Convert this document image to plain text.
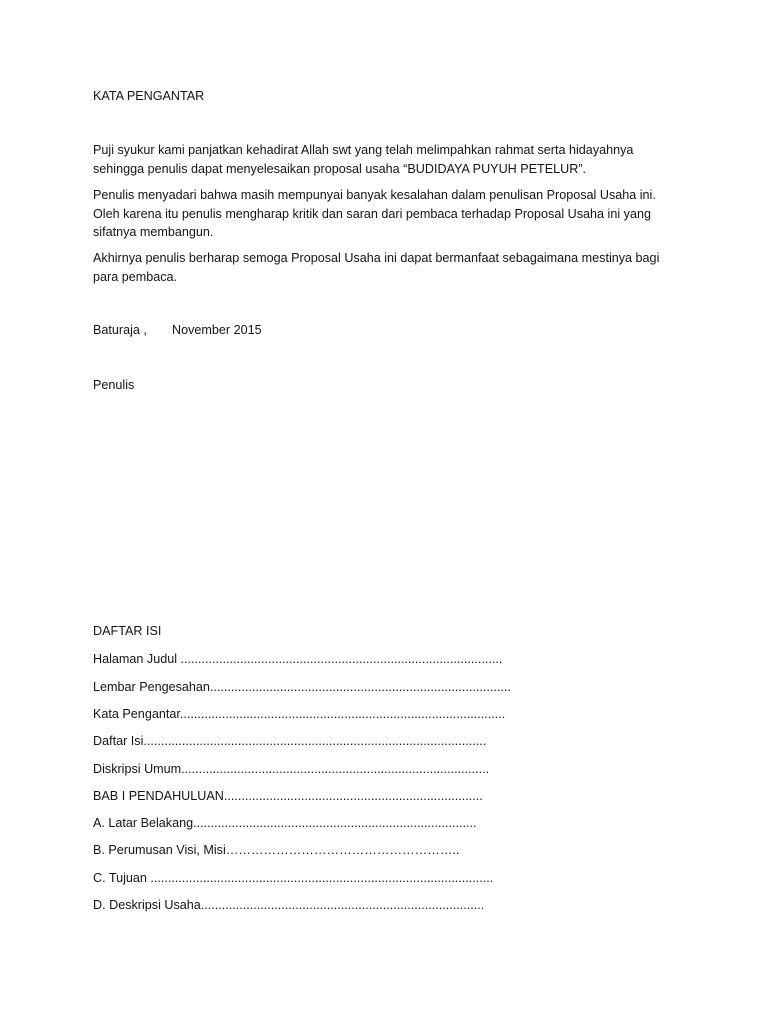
KATA PENGANTAR
Puji syukur kami panjatkan kehadirat Allah swt yang telah melimpahkan rahmat serta hidayahnya
sehingga penulis dapat menyelesaikan proposal usaha “BUDIDAYA PUYUH PETELUR”.
Penulis menyadari bahwa masih mempunyai banyak kesalahan dalam penulisan Proposal Usaha ini.
Oleh karena itu penulis mengharap kritik dan saran dari pembaca terhadap Proposal Usaha ini yang
sifatnya membangun.
Akhirnya penulis berharap semoga Proposal Usaha ini dapat bermanfaat sebagaimana mestinya bagi
para pembaca.
Baturaja , November 2015
Penulis
DAFTAR ISI
Halaman Judul ............................................................................................
Lembar Pengesahan......................................................................................
Kata Pengantar.............................................................................................
Daftar Isi..................................................................................................
Diskripsi Umum........................................................................................
BAB I PENDAHULUAN..........................................................................
A. Latar Belakang.................................................................................
B. Perumusan Visi, Misi………………………………………………..
C. Tujuan ..................................................................................................
D. Deskripsi Usaha.................................................................................
